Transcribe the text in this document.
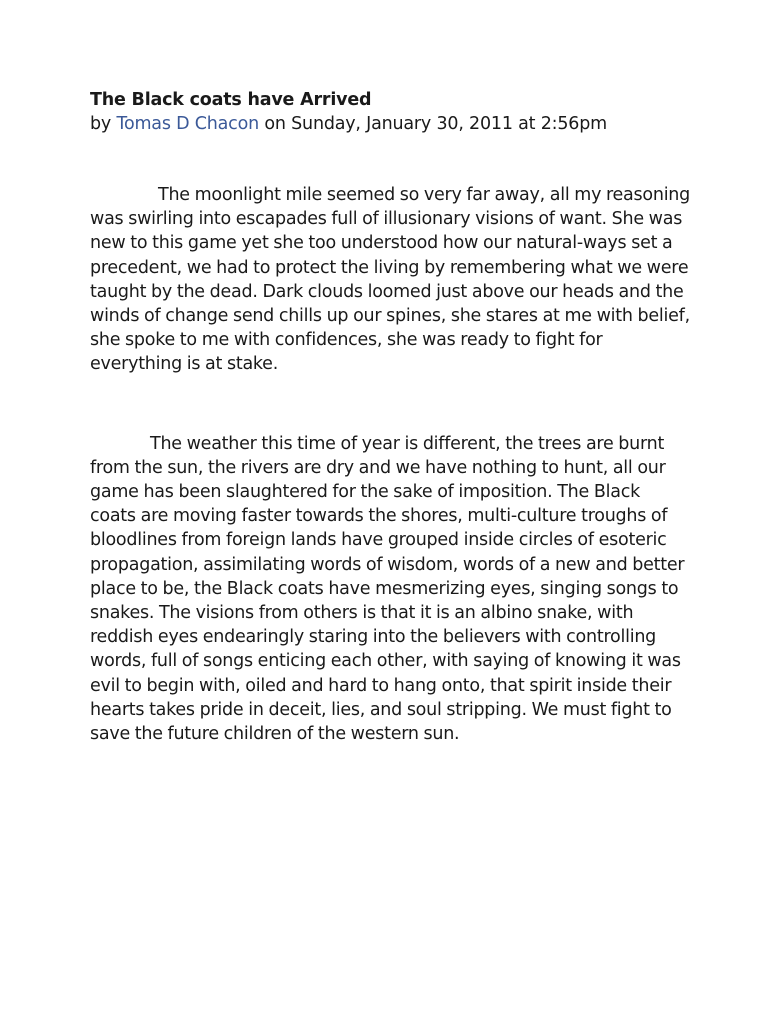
The Black coats have Arrived

by Tomas D Chacon on Sunday, January 30, 2011 at 2:56pm

The moonlight mile seemed so very far away, all my reasoning was swirling into escapades full of illusionary visions of want. She was new to this game yet she too understood how our natural-ways set a precedent, we had to protect the living by remembering what we were taught by the dead. Dark clouds loomed just above our heads and the winds of change send chills up our spines, she stares at me with belief, she spoke to me with confidences, she was ready to fight for everything is at stake.

The weather this time of year is different, the trees are burnt from the sun, the rivers are dry and we have nothing to hunt, all our game has been slaughtered for the sake of imposition. The Black coats are moving faster towards the shores, multi-culture troughs of bloodlines from foreign lands have grouped inside circles of esoteric propagation, assimilating words of wisdom, words of a new and better place to be, the Black coats have mesmerizing eyes, singing songs to snakes. The visions from others is that it is an albino snake, with reddish eyes endearingly staring into the believers with controlling words, full of songs enticing each other, with saying of knowing it was evil to begin with, oiled and hard to hang onto, that spirit inside their hearts takes pride in deceit, lies, and soul stripping. We must fight to save the future children of the western sun.
